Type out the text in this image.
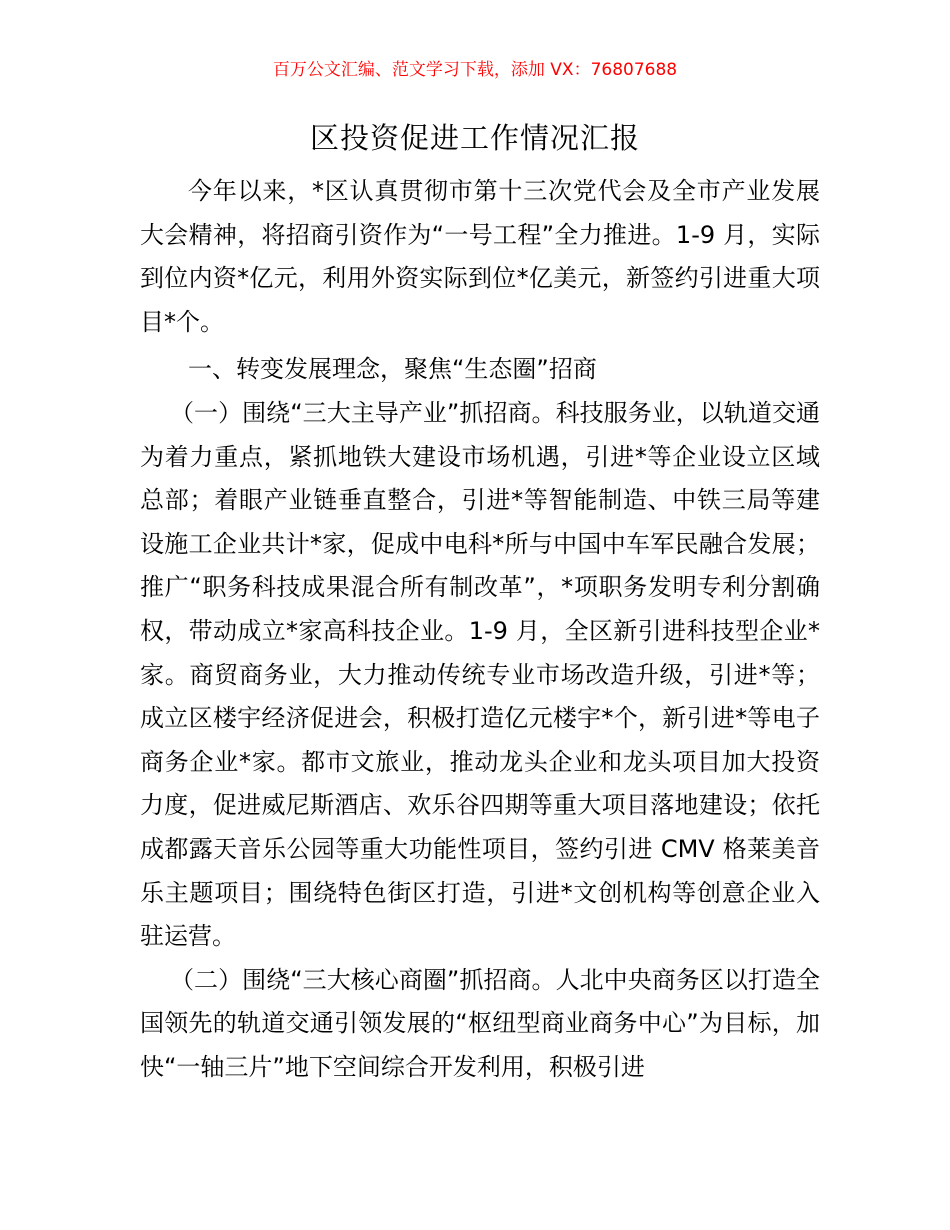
百万公文汇编、范文学习下载，添加 VX：76807688
区投资促进工作情况汇报

今年以来，*区认真贯彻市第十三次党代会及全市产业发展大会精神，将招商引资作为“一号工程”全力推进。1-9 月，实际到位内资*亿元，利用外资实际到位*亿美元，新签约引进重大项目*个。

一、转变发展理念，聚焦“生态圈”招商

（一）围绕“三大主导产业”抓招商。科技服务业，以轨道交通为着力重点，紧抓地铁大建设市场机遇，引进*等企业设立区域总部；着眼产业链垂直整合，引进*等智能制造、中铁三局等建设施工企业共计*家，促成中电科*所与中国中车军民融合发展；推广“职务科技成果混合所有制改革”，*项职务发明专利分割确权，带动成立*家高科技企业。1-9 月，全区新引进科技型企业*家。商贸商务业，大力推动传统专业市场改造升级，引进*等；成立区楼宇经济促进会，积极打造亿元楼宇*个，新引进*等电子商务企业*家。都市文旅业，推动龙头企业和龙头项目加大投资力度，促进威尼斯酒店、欢乐谷四期等重大项目落地建设；依托成都露天音乐公园等重大功能性项目，签约引进 CMV 格莱美音乐主题项目；围绕特色街区打造，引进*文创机构等创意企业入驻运营。

（二）围绕“三大核心商圈”抓招商。人北中央商务区以打造全国领先的轨道交通引领发展的“枢纽型商业商务中心”为目标，加快“一轴三片”地下空间综合开发利用，积极引进
